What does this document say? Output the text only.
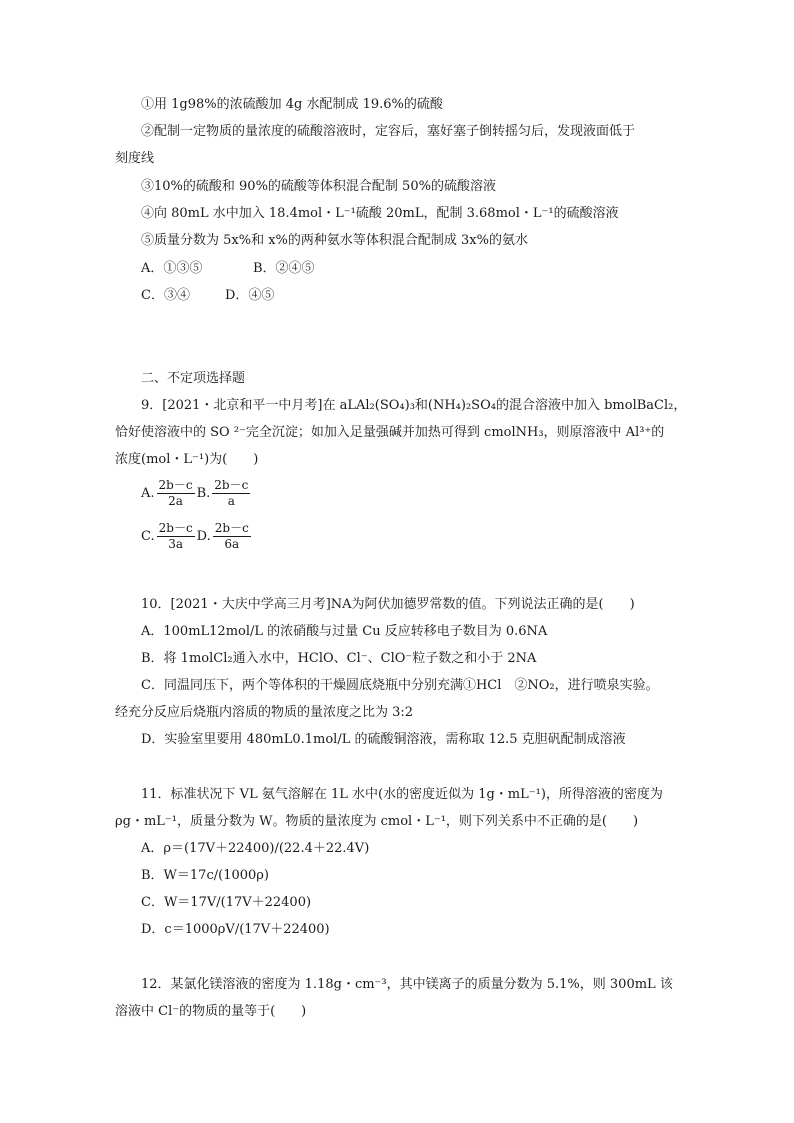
①用 1g98%的浓硫酸加 4g 水配制成 19.6%的硫酸
②配制一定物质的量浓度的硫酸溶液时，定容后，塞好塞子倒转摇匀后，发现液面低于
刻度线
③10%的硫酸和 90%的硫酸等体积混合配制 50%的硫酸溶液
④向 80mL 水中加入 18.4mol・L⁻¹硫酸 20mL，配制 3.68mol・L⁻¹的硫酸溶液
⑤质量分数为 5x%和 x%的两种氨水等体积混合配制成 3x%的氨水
A．①③⑤	B．②④⑤
C．③④	D．④⑤
二、不定项选择题
9．[2021・北京和平一中月考]在 aLAl₂(SO₄)₃和(NH₄)₂SO₄的混合溶液中加入 bmolBaCl₂，
恰好使溶液中的 SO ²⁻完全沉淀；如加入足量强碱并加热可得到 cmolNH₃，则原溶液中 Al³⁺的
浓度(mol・L⁻¹)为(　　)
A. $\frac{2b-c}{2a} B$. $\frac{2b-c}{a}$
C. $\frac{2b-c}{3a} D$. $\frac{2b-c}{6a}$
10．[2021・大庆中学高三月考]NA为阿伏加德罗常数的值。下列说法正确的是(　　)
A．100mL12mol/L 的浓硝酸与过量 Cu 反应转移电子数目为 0.6NA
B．将 1molCl₂通入水中，HClO、Cl⁻、ClO⁻粒子数之和小于 2NA
C．同温同压下，两个等体积的干燥圆底烧瓶中分别充满①HCl　②NO₂，进行喷泉实验。
经充分反应后烧瓶内溶质的物质的量浓度之比为 3:2
D．实验室里要用 480mL0.1mol/L 的硫酸铜溶液，需称取 12.5 克胆矾配制成溶液
11．标准状况下 VL 氨气溶解在 1L 水中(水的密度近似为 1g・mL⁻¹)，所得溶液的密度为
ρg・mL⁻¹，质量分数为 W。物质的量浓度为 cmol・L⁻¹，则下列关系中不正确的是(　　)
A．ρ＝(17V＋22400)/(22.4＋22.4V)
B．W＝17c/(1000ρ)
C．W＝17V/(17V＋22400)
D．c＝1000ρV/(17V＋22400)
12．某氯化镁溶液的密度为 1.18g・cm⁻³，其中镁离子的质量分数为 5.1%，则 300mL 该
溶液中 Cl⁻的物质的量等于(　　)
